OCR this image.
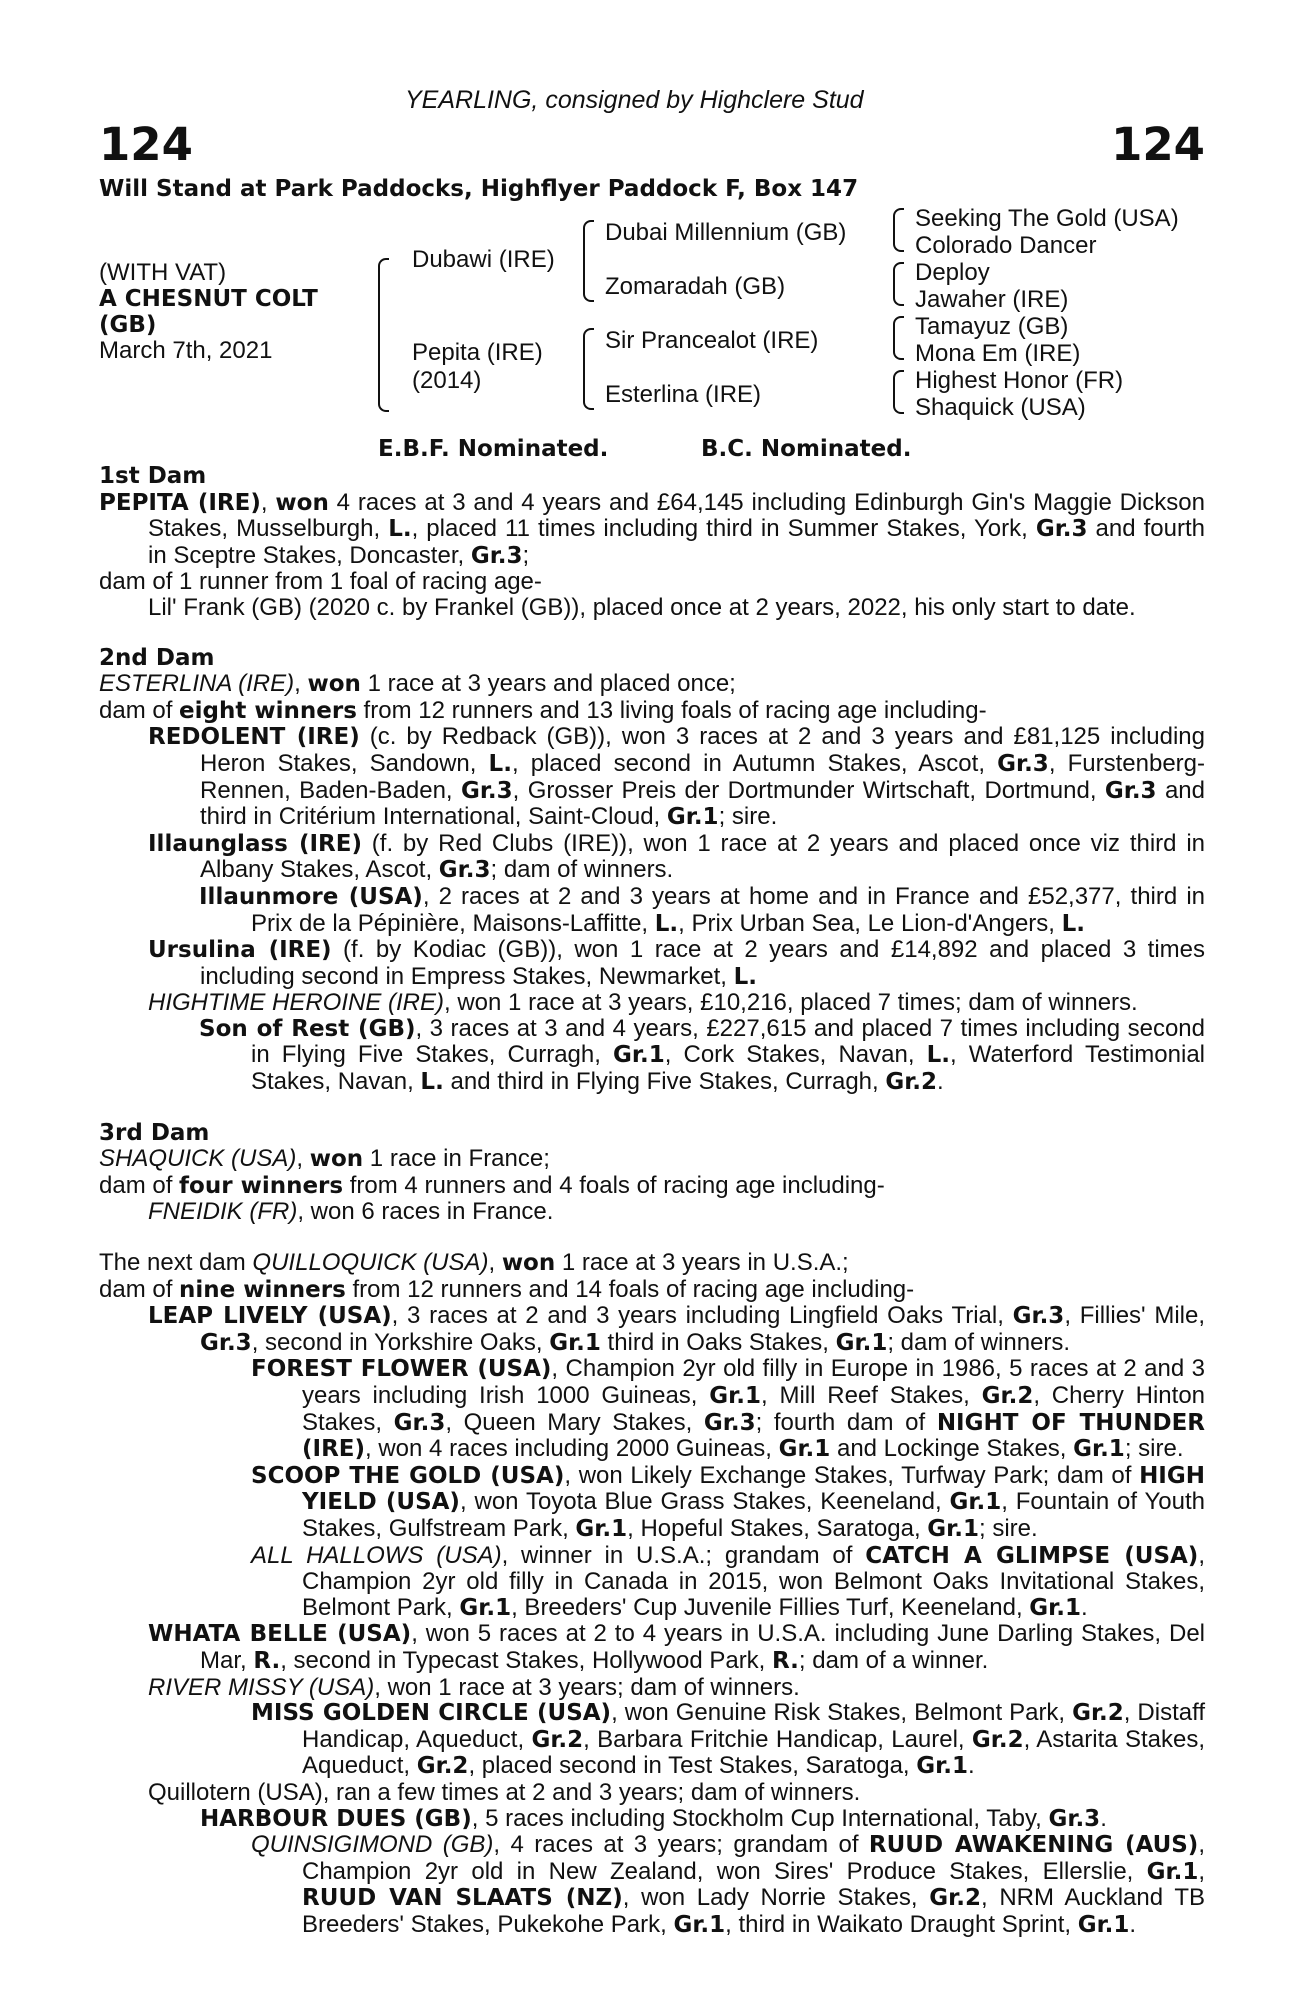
YEARLING, consigned by Highclere Stud
124	124
Will Stand at Park Paddocks, Highflyer Paddock F, Box 147
(WITH VAT)
A CHESNUT COLT
(GB)
March 7th, 2021
Dubawi (IRE)
Pepita (IRE)
(2014)
Dubai Millennium (GB)
Zomaradah (GB)
Sir Prancealot (IRE)
Esterlina (IRE)
Seeking The Gold (USA)
Colorado Dancer
Deploy
Jawaher (IRE)
Tamayuz (GB)
Mona Em (IRE)
Highest Honor (FR)
Shaquick (USA)
E.B.F. Nominated.	B.C. Nominated.
1st Dam
PEPITA (IRE), won 4 races at 3 and 4 years and £64,145 including Edinburgh Gin's Maggie Dickson Stakes, Musselburgh, L., placed 11 times including third in Summer Stakes, York, Gr.3 and fourth in Sceptre Stakes, Doncaster, Gr.3;
dam of 1 runner from 1 foal of racing age-
Lil' Frank (GB) (2020 c. by Frankel (GB)), placed once at 2 years, 2022, his only start to date.
2nd Dam
ESTERLINA (IRE), won 1 race at 3 years and placed once;
dam of eight winners from 12 runners and 13 living foals of racing age including-
REDOLENT (IRE) (c. by Redback (GB)), won 3 races at 2 and 3 years and £81,125 including Heron Stakes, Sandown, L., placed second in Autumn Stakes, Ascot, Gr.3, Furstenberg-Rennen, Baden-Baden, Gr.3, Grosser Preis der Dortmunder Wirtschaft, Dortmund, Gr.3 and third in Critérium International, Saint-Cloud, Gr.1; sire.
Illaunglass (IRE) (f. by Red Clubs (IRE)), won 1 race at 2 years and placed once viz third in Albany Stakes, Ascot, Gr.3; dam of winners.
Illaunmore (USA), 2 races at 2 and 3 years at home and in France and £52,377, third in Prix de la Pépinière, Maisons-Laffitte, L., Prix Urban Sea, Le Lion-d'Angers, L.
Ursulina (IRE) (f. by Kodiac (GB)), won 1 race at 2 years and £14,892 and placed 3 times including second in Empress Stakes, Newmarket, L.
HIGHTIME HEROINE (IRE), won 1 race at 3 years, £10,216, placed 7 times; dam of winners.
Son of Rest (GB), 3 races at 3 and 4 years, £227,615 and placed 7 times including second in Flying Five Stakes, Curragh, Gr.1, Cork Stakes, Navan, L., Waterford Testimonial Stakes, Navan, L. and third in Flying Five Stakes, Curragh, Gr.2.
3rd Dam
SHAQUICK (USA), won 1 race in France;
dam of four winners from 4 runners and 4 foals of racing age including-
FNEIDIK (FR), won 6 races in France.
The next dam QUILLOQUICK (USA), won 1 race at 3 years in U.S.A.;
dam of nine winners from 12 runners and 14 foals of racing age including-
LEAP LIVELY (USA), 3 races at 2 and 3 years including Lingfield Oaks Trial, Gr.3, Fillies' Mile, Gr.3, second in Yorkshire Oaks, Gr.1 third in Oaks Stakes, Gr.1; dam of winners.
FOREST FLOWER (USA), Champion 2yr old filly in Europe in 1986, 5 races at 2 and 3 years including Irish 1000 Guineas, Gr.1, Mill Reef Stakes, Gr.2, Cherry Hinton Stakes, Gr.3, Queen Mary Stakes, Gr.3; fourth dam of NIGHT OF THUNDER (IRE), won 4 races including 2000 Guineas, Gr.1 and Lockinge Stakes, Gr.1; sire.
SCOOP THE GOLD (USA), won Likely Exchange Stakes, Turfway Park; dam of HIGH YIELD (USA), won Toyota Blue Grass Stakes, Keeneland, Gr.1, Fountain of Youth Stakes, Gulfstream Park, Gr.1, Hopeful Stakes, Saratoga, Gr.1; sire.
ALL HALLOWS (USA), winner in U.S.A.; grandam of CATCH A GLIMPSE (USA), Champion 2yr old filly in Canada in 2015, won Belmont Oaks Invitational Stakes, Belmont Park, Gr.1, Breeders' Cup Juvenile Fillies Turf, Keeneland, Gr.1.
WHATA BELLE (USA), won 5 races at 2 to 4 years in U.S.A. including June Darling Stakes, Del Mar, R., second in Typecast Stakes, Hollywood Park, R.; dam of a winner.
RIVER MISSY (USA), won 1 race at 3 years; dam of winners.
MISS GOLDEN CIRCLE (USA), won Genuine Risk Stakes, Belmont Park, Gr.2, Distaff Handicap, Aqueduct, Gr.2, Barbara Fritchie Handicap, Laurel, Gr.2, Astarita Stakes, Aqueduct, Gr.2, placed second in Test Stakes, Saratoga, Gr.1.
Quillotern (USA), ran a few times at 2 and 3 years; dam of winners.
HARBOUR DUES (GB), 5 races including Stockholm Cup International, Taby, Gr.3.
QUINSIGIMOND (GB), 4 races at 3 years; grandam of RUUD AWAKENING (AUS), Champion 2yr old in New Zealand, won Sires' Produce Stakes, Ellerslie, Gr.1, RUUD VAN SLAATS (NZ), won Lady Norrie Stakes, Gr.2, NRM Auckland TB Breeders' Stakes, Pukekohe Park, Gr.1, third in Waikato Draught Sprint, Gr.1.
